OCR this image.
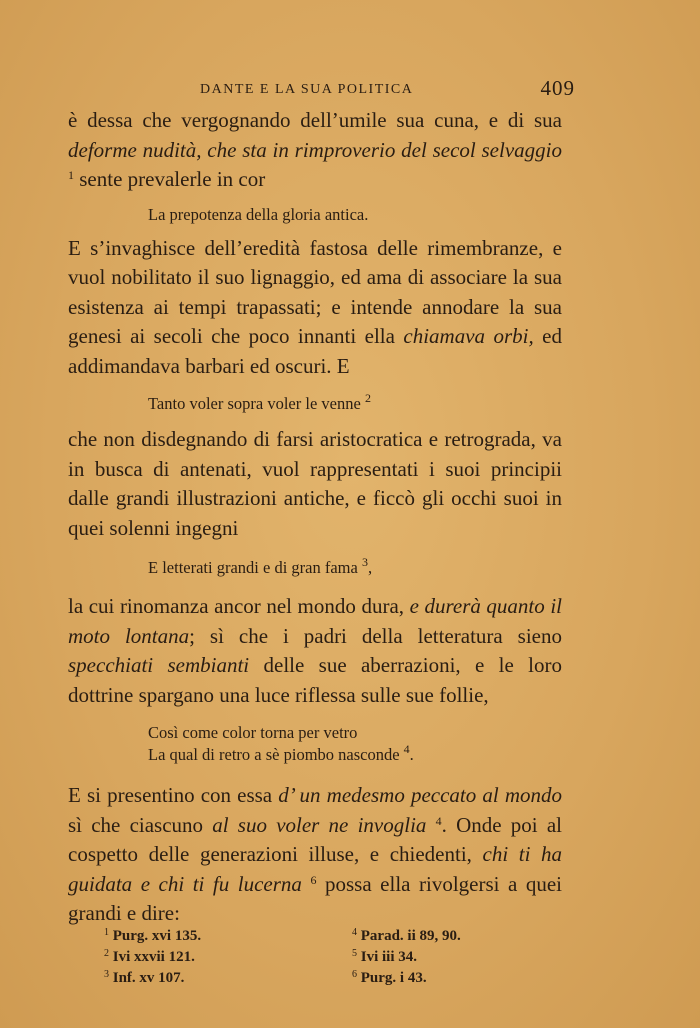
DANTE E LA SUA POLITICA	409

è dessa che vergognando dell’umile sua cuna, e di sua deforme nudità, che sta in rimproverio del secol selvaggio $^1$ sente prevalerle in cor

La prepotenza della gloria antica.

E s’invaghisce dell’eredità fastosa delle rimembranze, e vuol nobilitato il suo lignaggio, ed ama di associare la sua esistenza ai tempi trapassati; e intende annodare la sua genesi ai secoli che poco innanti ella chiamava orbi, ed addimandava barbari ed oscuri. E

Tanto voler sopra voler le venne $^2$

che non disdegnando di farsi aristocratica e retrograda, va in busca di antenati, vuol rappresentati i suoi principii dalle grandi illustrazioni antiche, e ficcò gli occhi suoi in quei solenni ingegni

E letterati grandi e di gran fama $^3$,

la cui rinomanza ancor nel mondo dura, e durerà quanto il moto lontana; sì che i padri della letteratura sieno specchiati sembianti delle sue aberrazioni, e le loro dottrine spargano una luce riflessa sulle sue follie,

Così come color torna per vetro
La qual di retro a sè piombo nasconde $^4$.

E si presentino con essa d’ un medesmo peccato al mondo sì che ciascuno al suo voler ne invoglia $^4$. Onde poi al cospetto delle generazioni illuse, e chiedenti, chi ti ha guidata e chi ti fu lucerna $^6$ possa ella rivolgersi a quei grandi e dire:

$^1$ Purg. xvi 135.
$^2$ Ivi xxvii 121.
$^3$ Inf. xv 107.
$^4$ Parad. ii 89, 90.
$^5$ Ivi iii 34.
$^6$ Purg. i 43.
